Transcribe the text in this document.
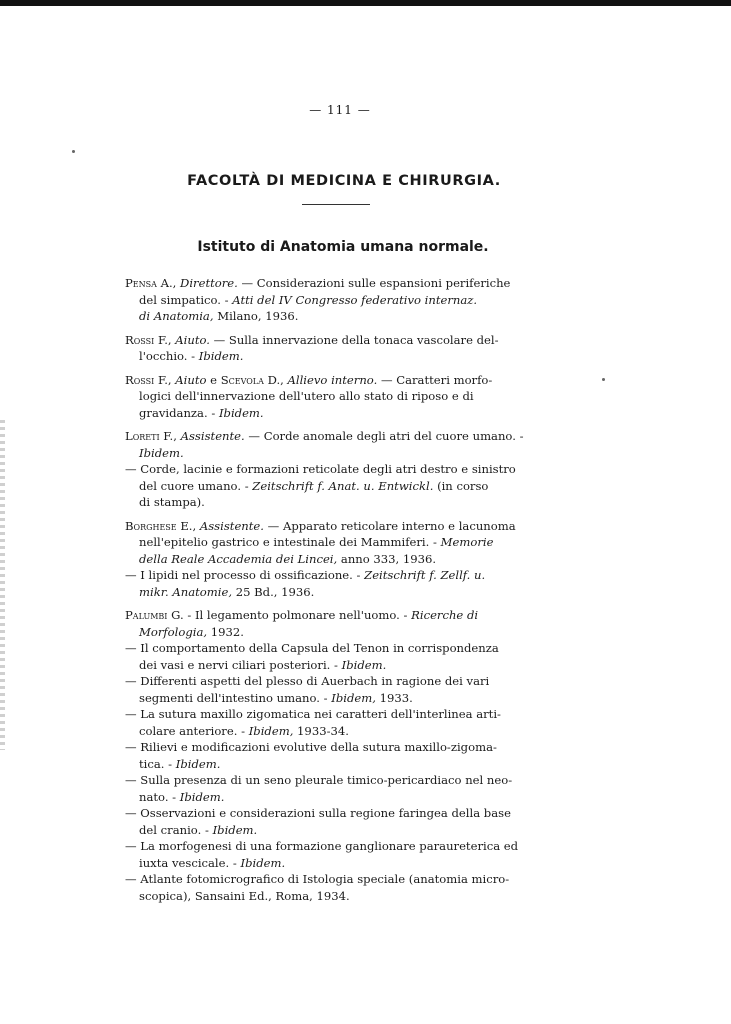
— 111 —
FACOLTÀ DI MEDICINA E CHIRURGIA.
Istituto di Anatomia umana normale.
Pensa A., Direttore. — Considerazioni sulle espansioni periferiche
del simpatico. - Atti del IV Congresso federativo internaz.
di Anatomia, Milano, 1936.
Rossi F., Aiuto. — Sulla innervazione della tonaca vascolare del-
l'occhio. - Ibidem.
Rossi F., Aiuto e Scevola D., Allievo interno. — Caratteri morfo-
logici dell'innervazione dell'utero allo stato di riposo e di
gravidanza. - Ibidem.
Loreti F., Assistente. — Corde anomale degli atri del cuore umano. -
Ibidem.
— Corde, lacinie e formazioni reticolate degli atri destro e sinistro
del cuore umano. - Zeitschrift f. Anat. u. Entwickl. (in corso
di stampa).
Borghese E., Assistente. — Apparato reticolare interno e lacunoma
nell'epitelio gastrico e intestinale dei Mammiferi. - Memorie
della Reale Accademia dei Lincei, anno 333, 1936.
— I lipidi nel processo di ossificazione. - Zeitschrift f. Zellf. u.
mikr. Anatomie, 25 Bd., 1936.
Palumbi G. - Il legamento polmonare nell'uomo. - Ricerche di
Morfologia, 1932.
— Il comportamento della Capsula del Tenon in corrispondenza
dei vasi e nervi ciliari posteriori. - Ibidem.
— Differenti aspetti del plesso di Auerbach in ragione dei vari
segmenti dell'intestino umano. - Ibidem, 1933.
— La sutura maxillo zigomatica nei caratteri dell'interlinea arti-
colare anteriore. - Ibidem, 1933-34.
— Rilievi e modificazioni evolutive della sutura maxillo-zigoma-
tica. - Ibidem.
— Sulla presenza di un seno pleurale timico-pericardiaco nel neo-
nato. - Ibidem.
— Osservazioni e considerazioni sulla regione faringea della base
del cranio. - Ibidem.
— La morfogenesi di una formazione ganglionare paraureterica ed
iuxta vescicale. - Ibidem.
— Atlante fotomicrografico di Istologia speciale (anatomia micro-
scopica), Sansaini Ed., Roma, 1934.
